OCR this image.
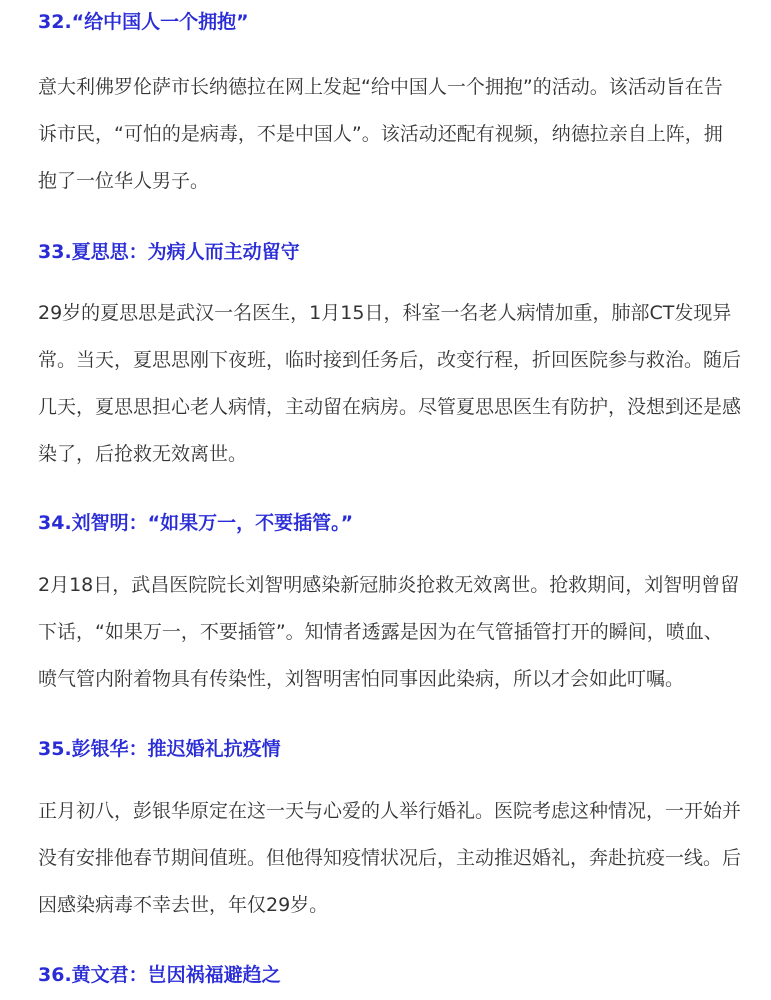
32.“给中国人一个拥抱”

意大利佛罗伦萨市长纳德拉在网上发起“给中国人一个拥抱”的活动。该活动旨在告诉市民，“可怕的是病毒，不是中国人”。该活动还配有视频，纳德拉亲自上阵，拥抱了一位华人男子。

33.夏思思：为病人而主动留守

29岁的夏思思是武汉一名医生，1月15日，科室一名老人病情加重，肺部CT发现异常。当天，夏思思刚下夜班，临时接到任务后，改变行程，折回医院参与救治。随后几天，夏思思担心老人病情，主动留在病房。尽管夏思思医生有防护，没想到还是感染了，后抢救无效离世。

34.刘智明：“如果万一，不要插管。”

2月18日，武昌医院院长刘智明感染新冠肺炎抢救无效离世。抢救期间，刘智明曾留下话，“如果万一，不要插管”。知情者透露是因为在气管插管打开的瞬间，喷血、喷气管内附着物具有传染性，刘智明害怕同事因此染病，所以才会如此叮嘱。

35.彭银华：推迟婚礼抗疫情

正月初八，彭银华原定在这一天与心爱的人举行婚礼。医院考虑这种情况，一开始并没有安排他春节期间值班。但他得知疫情状况后，主动推迟婚礼，奔赴抗疫一线。后因感染病毒不幸去世，年仅29岁。

36.黄文君：岂因祸福避趋之
